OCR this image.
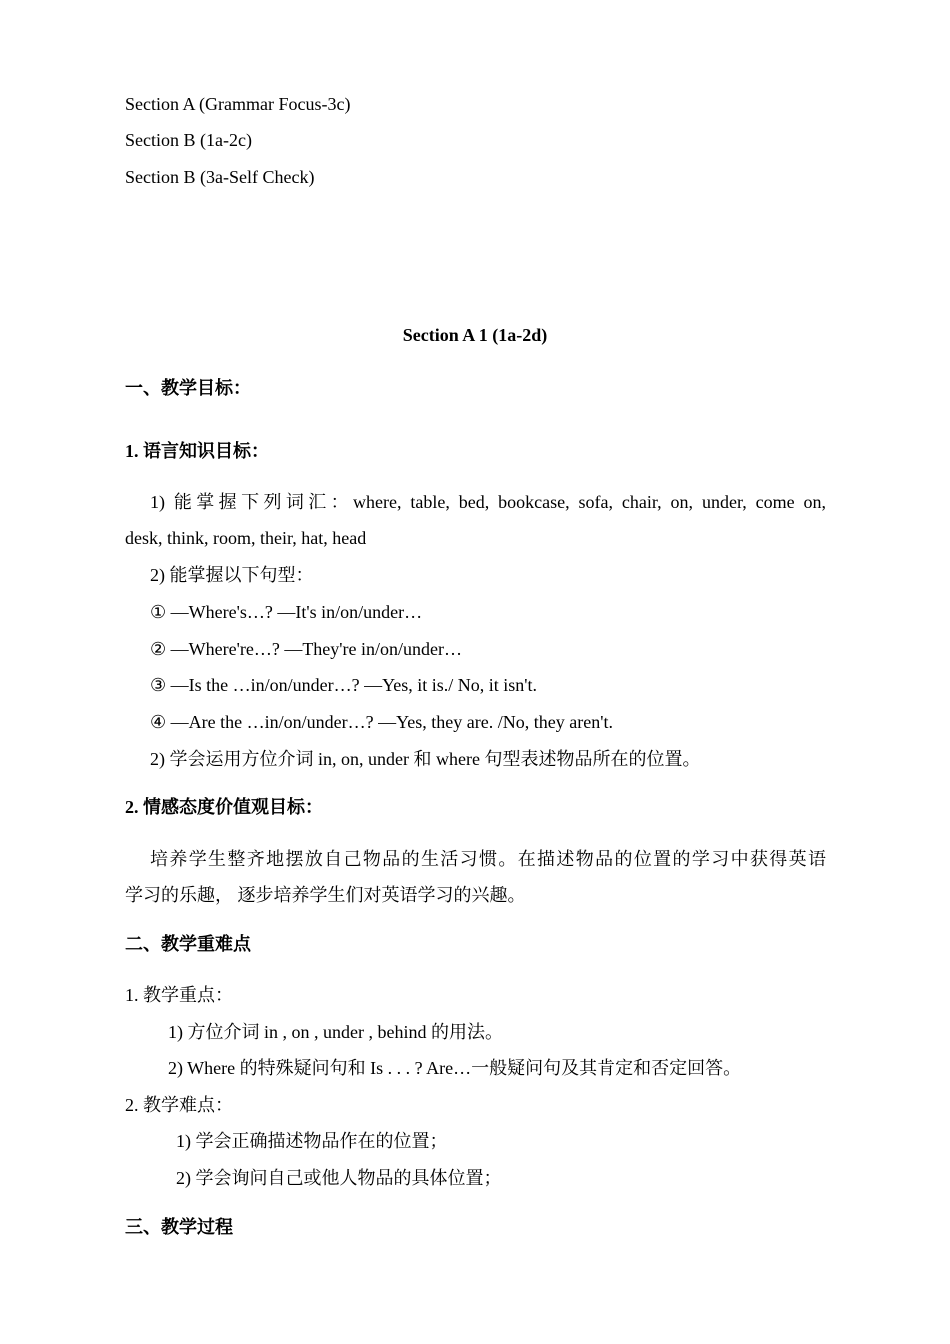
Section A (Grammar Focus-3c)
Section B (1a-2c)
Section B (3a-Self Check)
Section A 1 (1a-2d)
一、教学目标：
1. 语言知识目标：
1) 能掌握下列词汇：where, table, bed, bookcase, sofa, chair, on, under, come on,
desk, think, room, their, hat, head
2) 能掌握以下句型：
① —Where's…? —It's in/on/under…
② —Where're…? —They're in/on/under…
③ —Is the …in/on/under…? —Yes, it is./ No, it isn't.
④ —Are the …in/on/under…? —Yes, they are. /No, they aren't.
2) 学会运用方位介词 in, on, under 和 where 句型表述物品所在的位置。
2. 情感态度价值观目标：
培养学生整齐地摆放自己物品的生活习惯。在描述物品的位置的学习中获得英语
学习的乐趣， 逐步培养学生们对英语学习的兴趣。
二、教学重难点
1. 教学重点：
1) 方位介词 in , on , under , behind 的用法。
2) Where 的特殊疑问句和 Is . . . ? Are…一般疑问句及其肯定和否定回答。
2. 教学难点：
1) 学会正确描述物品作在的位置；
2) 学会询问自己或他人物品的具体位置；
三、教学过程
